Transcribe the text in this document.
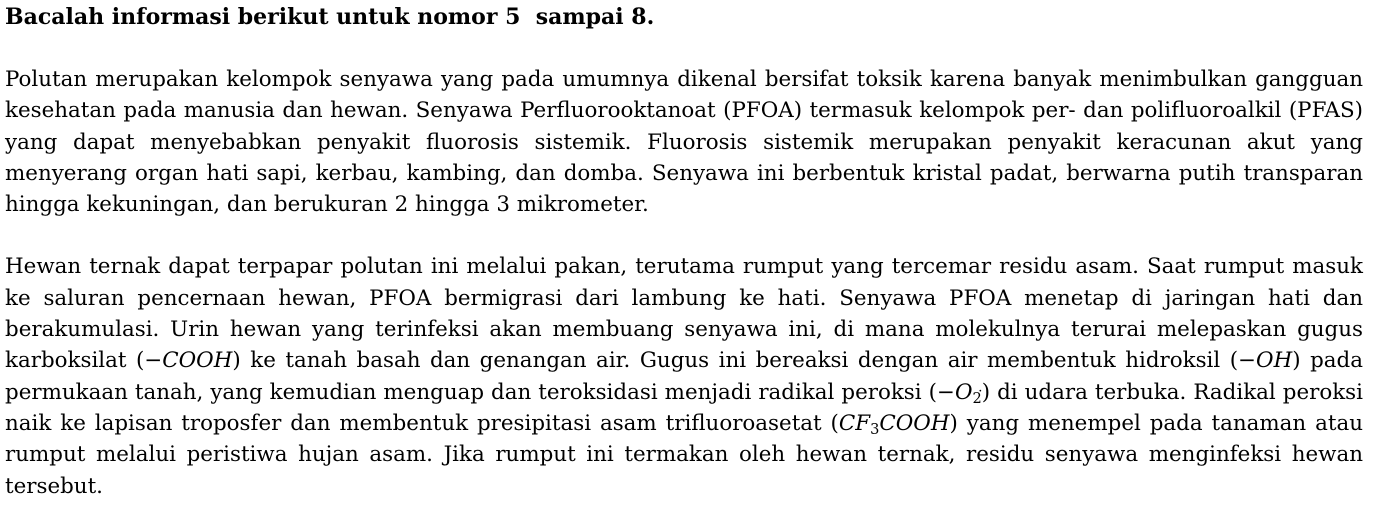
Bacalah informasi berikut untuk nomor 5  sampai 8.

Polutan merupakan kelompok senyawa yang pada umumnya dikenal bersifat toksik karena banyak menimbulkan gangguan kesehatan pada manusia dan hewan. Senyawa Perfluorooktanoat (PFOA) termasuk kelompok per- dan polifluoroalkil (PFAS) yang dapat menyebabkan penyakit fluorosis sistemik. Fluorosis sistemik merupakan penyakit keracunan akut yang menyerang organ hati sapi, kerbau, kambing, dan domba. Senyawa ini berbentuk kristal padat, berwarna putih transparan hingga kekuningan, dan berukuran 2 hingga 3 mikrometer.

Hewan ternak dapat terpapar polutan ini melalui pakan, terutama rumput yang tercemar residu asam. Saat rumput masuk ke saluran pencernaan hewan, PFOA bermigrasi dari lambung ke hati. Senyawa PFOA menetap di jaringan hati dan berakumulasi. Urin hewan yang terinfeksi akan membuang senyawa ini, di mana molekulnya terurai melepaskan gugus karboksilat (−COOH) ke tanah basah dan genangan air. Gugus ini bereaksi dengan air membentuk hidroksil (−OH) pada permukaan tanah, yang kemudian menguap dan teroksidasi menjadi radikal peroksi $(-O_2)$ di udara terbuka. Radikal peroksi naik ke lapisan troposfer dan membentuk presipitasi asam trifluoroasetat $(CF_3COOH)$ yang menempel pada tanaman atau rumput melalui peristiwa hujan asam. Jika rumput ini termakan oleh hewan ternak, residu senyawa menginfeksi hewan tersebut.
